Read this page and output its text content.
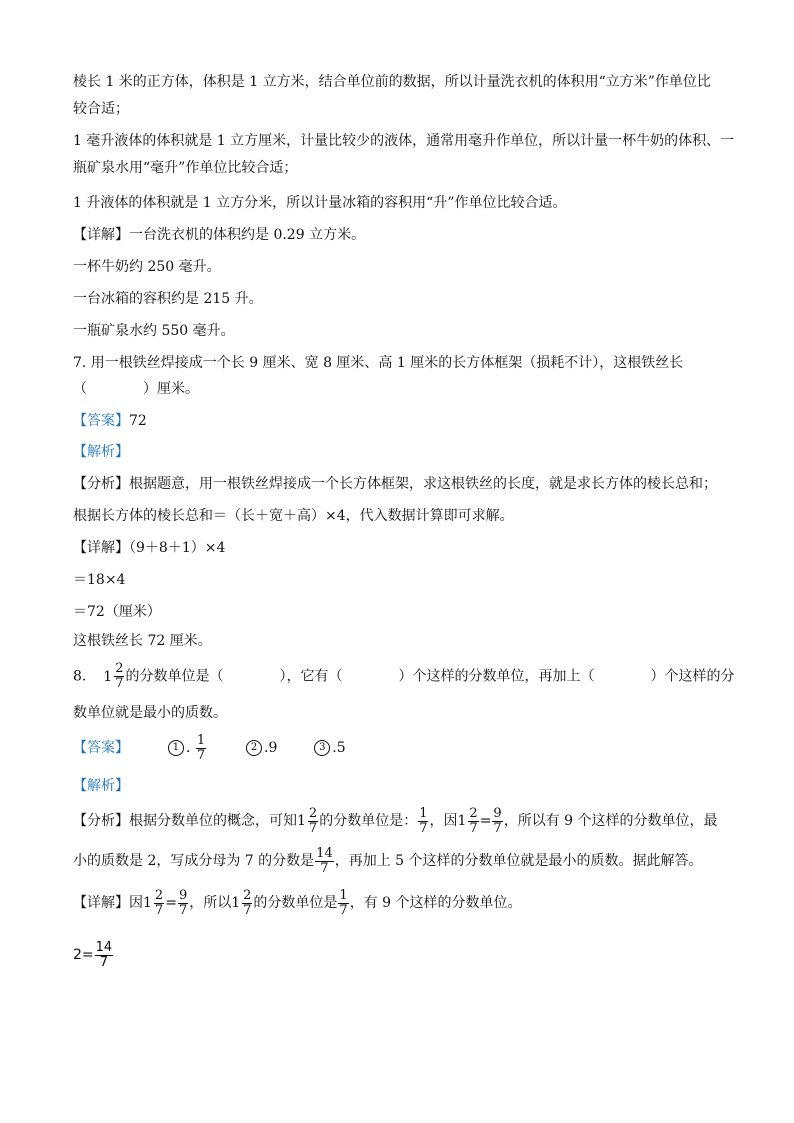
棱长 1 米的正方体，体积是 1 立方米，结合单位前的数据，所以计量洗衣机的体积用“立方米”作单位比
较合适；
1 毫升液体的体积就是 1 立方厘米，计量比较少的液体，通常用毫升作单位，所以计量一杯牛奶的体积、一
瓶矿泉水用“毫升”作单位比较合适；
1 升液体的体积就是 1 立方分米，所以计量冰箱的容积用“升”作单位比较合适。
【详解】一台洗衣机的体积约是 0.29 立方米。
一杯牛奶约 250 毫升。
一台冰箱的容积约是 215 升。
一瓶矿泉水约 550 毫升。
7. 用一根铁丝焊接成一个长 9 厘米、宽 8 厘米、高 1 厘米的长方体框架（损耗不计），这根铁丝长
（　　　　）厘米。
【答案】72
【解析】
【分析】根据题意，用一根铁丝焊接成一个长方体框架，求这根铁丝的长度，就是求长方体的棱长总和；
根据长方体的棱长总和＝（长＋宽＋高）×4，代入数据计算即可求解。
【详解】（9＋8＋1）×4
＝18×4
＝72（厘米）
这根铁丝长 72 厘米。
8. $1 \frac{2}{7}$ 的分数单位是（　　　　），它有（　　　　）个这样的分数单位，再加上（　　　　）个这样的分
数单位就是最小的质数。
【答案】	1 . $\frac{1}{7}$	2 .9	3 .5
【解析】
【分析】根据分数单位的概念，可知 $1 \frac{2}{7}$ 的分数单位是： $\frac{1}{7}$ ，因 $1 \frac{2}{7} = \frac{9}{7}$ ，所以有 9 个这样的分数单位，最
小的质数是 2，写成分母为 7 的分数是 $\frac{14}{7}$ ，再加上 5 个这样的分数单位就是最小的质数。据此解答。
【详解】因 $1 \frac{2}{7} = \frac{9}{7}$ ，所以 $1 \frac{2}{7}$ 的分数单位是 $\frac{1}{7}$ ，有 9 个这样的分数单位。
$2= \frac{14}{7}$
